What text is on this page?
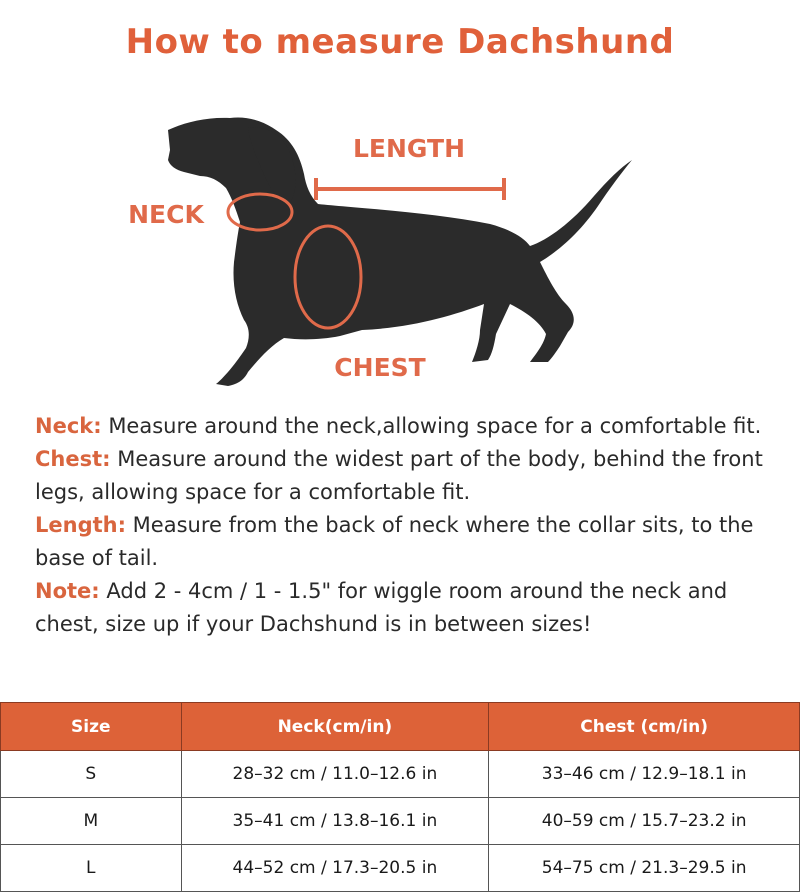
How to measure Dachshund
LENGTH
NECK
CHEST

Neck: Measure around the neck,allowing space for a comfortable fit.

Chest: Measure around the widest part of the body, behind the front legs, allowing space for a comfortable fit.

Length: Measure from the back of neck where the collar sits, to the base of tail.

Note: Add 2 - 4cm / 1 - 1.5" for wiggle room around the neck and chest, size up if your Dachshund is in between sizes!

Size	Neck(cm/in)	Chest (cm/in)
S	28–32 cm / 11.0–12.6 in	33–46 cm / 12.9–18.1 in
M	35–41 cm / 13.8–16.1 in	40–59 cm / 15.7–23.2 in
L	44–52 cm / 17.3–20.5 in	54–75 cm / 21.3–29.5 in
